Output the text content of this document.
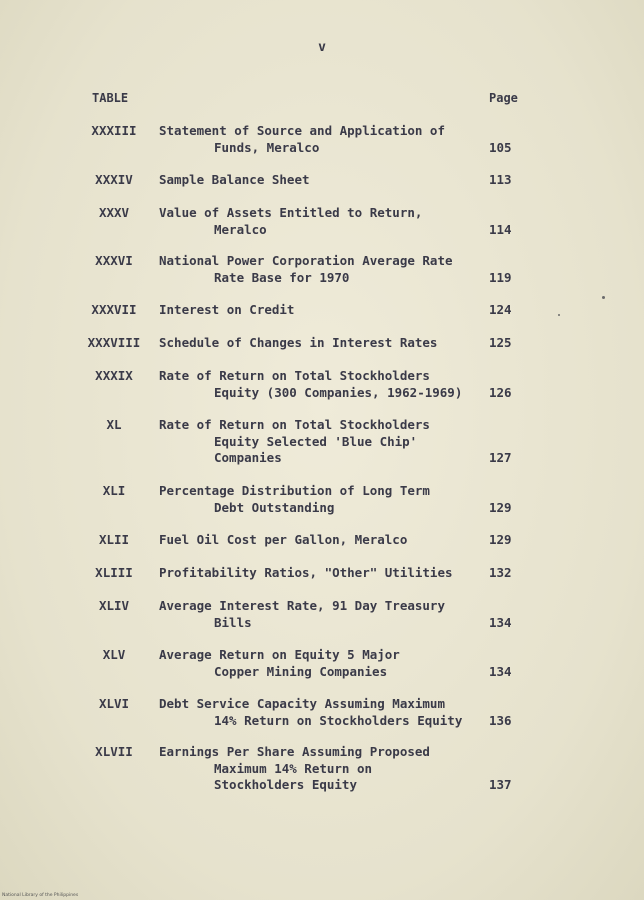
v
TABLE	Page
XXXIII	Statement of Source and Application of
Funds, Meralco	105
XXXIV	Sample Balance Sheet	113
XXXV	Value of Assets Entitled to Return,
Meralco	114
XXXVI	National Power Corporation Average Rate
Rate Base for 1970	119
XXXVII	Interest on Credit	124
XXXVIII Schedule of Changes in Interest Rates	125
XXXIX	Rate of Return on Total Stockholders
Equity (300 Companies, 1962-1969)	126
XL	Rate of Return on Total Stockholders
Equity Selected 'Blue Chip'
Companies	127
XLI	Percentage Distribution of Long Term
Debt Outstanding	129
XLII	Fuel Oil Cost per Gallon, Meralco	129
XLIII	Profitability Ratios, "Other" Utilities	132
XLIV	Average Interest Rate, 91 Day Treasury
Bills	134
XLV	Average Return on Equity 5 Major
Copper Mining Companies	134
XLVI	Debt Service Capacity Assuming Maximum
14% Return on Stockholders Equity	136
XLVII	Earnings Per Share Assuming Proposed
Maximum 14% Return on
Stockholders Equity	137
National Library of the Philippines
